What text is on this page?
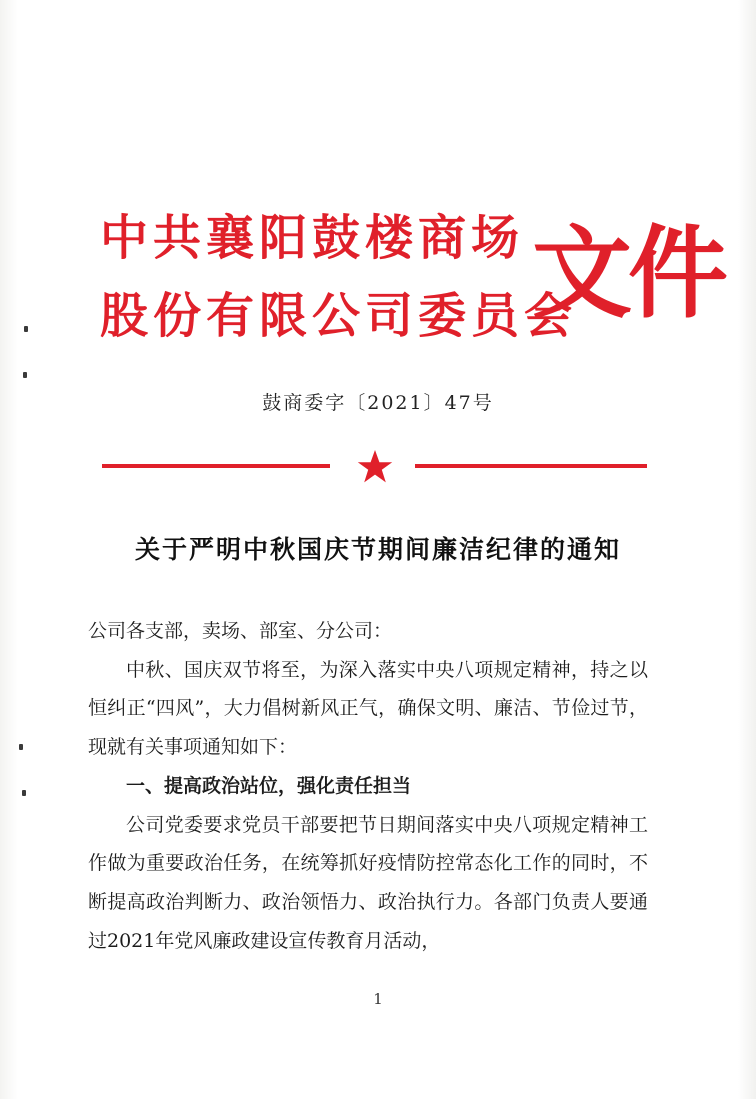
中共襄阳鼓楼商场
股份有限公司委员会
文件
鼓商委字〔2021〕47号
关于严明中秋国庆节期间廉洁纪律的通知

公司各支部，卖场、部室、分公司：

中秋、国庆双节将至，为深入落实中央八项规定精神，持之以恒纠正“四风”，大力倡树新风正气，确保文明、廉洁、节俭过节，现就有关事项通知如下：

一、提高政治站位，强化责任担当

公司党委要求党员干部要把节日期间落实中央八项规定精神工作做为重要政治任务，在统筹抓好疫情防控常态化工作的同时，不断提高政治判断力、政治领悟力、政治执行力。各部门负责人要通过2021年党风廉政建设宣传教育月活动，

1
